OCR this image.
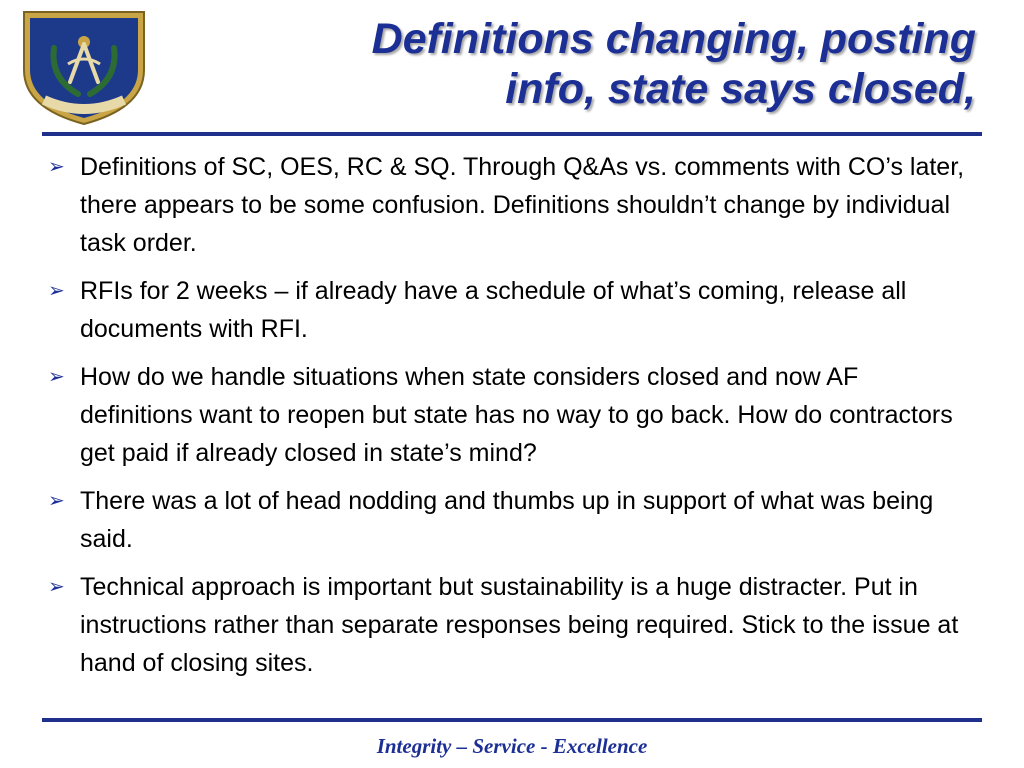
Definitions changing, posting
info, state says closed,
➢ Definitions of SC, OES, RC & SQ. Through Q&As vs. comments with CO’s later, there appears to be some confusion. Definitions shouldn’t change by individual task order.
➢ RFIs for 2 weeks – if already have a schedule of what’s coming, release all documents with RFI.
➢ How do we handle situations when state considers closed and now AF definitions want to reopen but state has no way to go back. How do contractors get paid if already closed in state’s mind?
➢ There was a lot of head nodding and thumbs up in support of what was being said.
➢ Technical approach is important but sustainability is a huge distracter. Put in instructions rather than separate responses being required. Stick to the issue at hand of closing sites.
Integrity – Service - Excellence
